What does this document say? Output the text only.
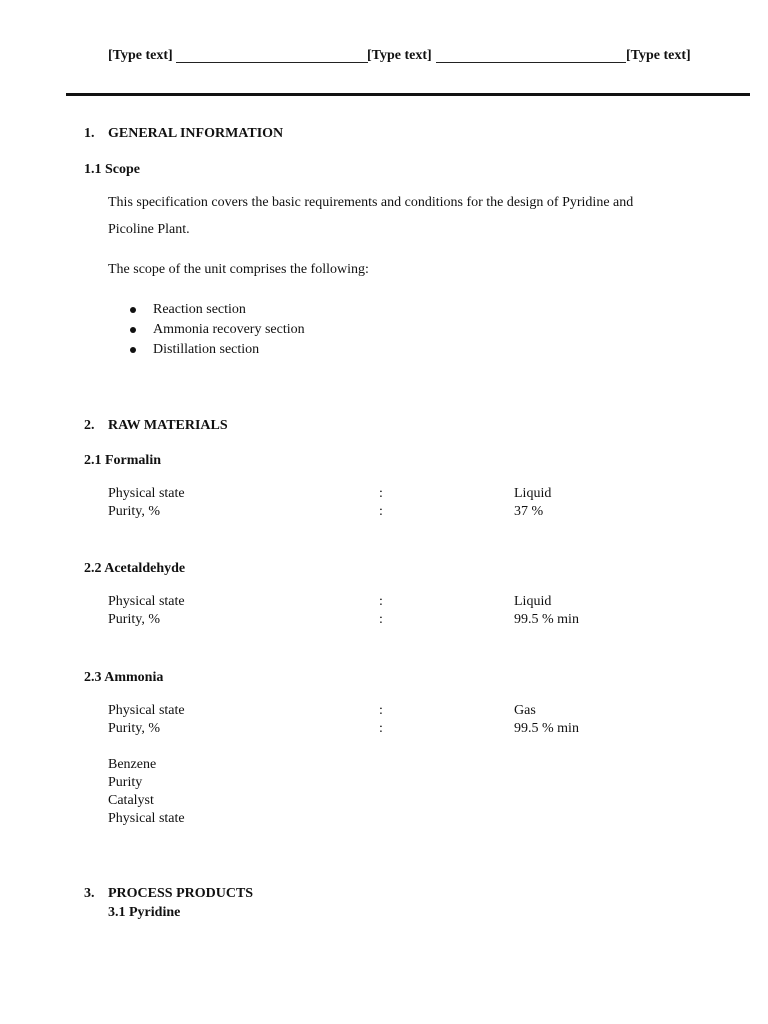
[Type text]	[Type text]	[Type text]
1. GENERAL INFORMATION
1.1 Scope
This specification covers the basic requirements and conditions for the design of Pyridine and
Picoline Plant.
The scope of the unit comprises the following:
Reaction section
Ammonia recovery section
Distillation section
2. RAW MATERIALS
2.1 Formalin
Physical state	:	Liquid
Purity, %	:	37 %
2.2 Acetaldehyde
Physical state	:	Liquid
Purity, %	:	99.5 % min
2.3 Ammonia
Physical state	:	Gas
Purity, %	:	99.5 % min
Benzene
Purity
Catalyst
Physical state
3. PROCESS PRODUCTS
3.1 Pyridine
